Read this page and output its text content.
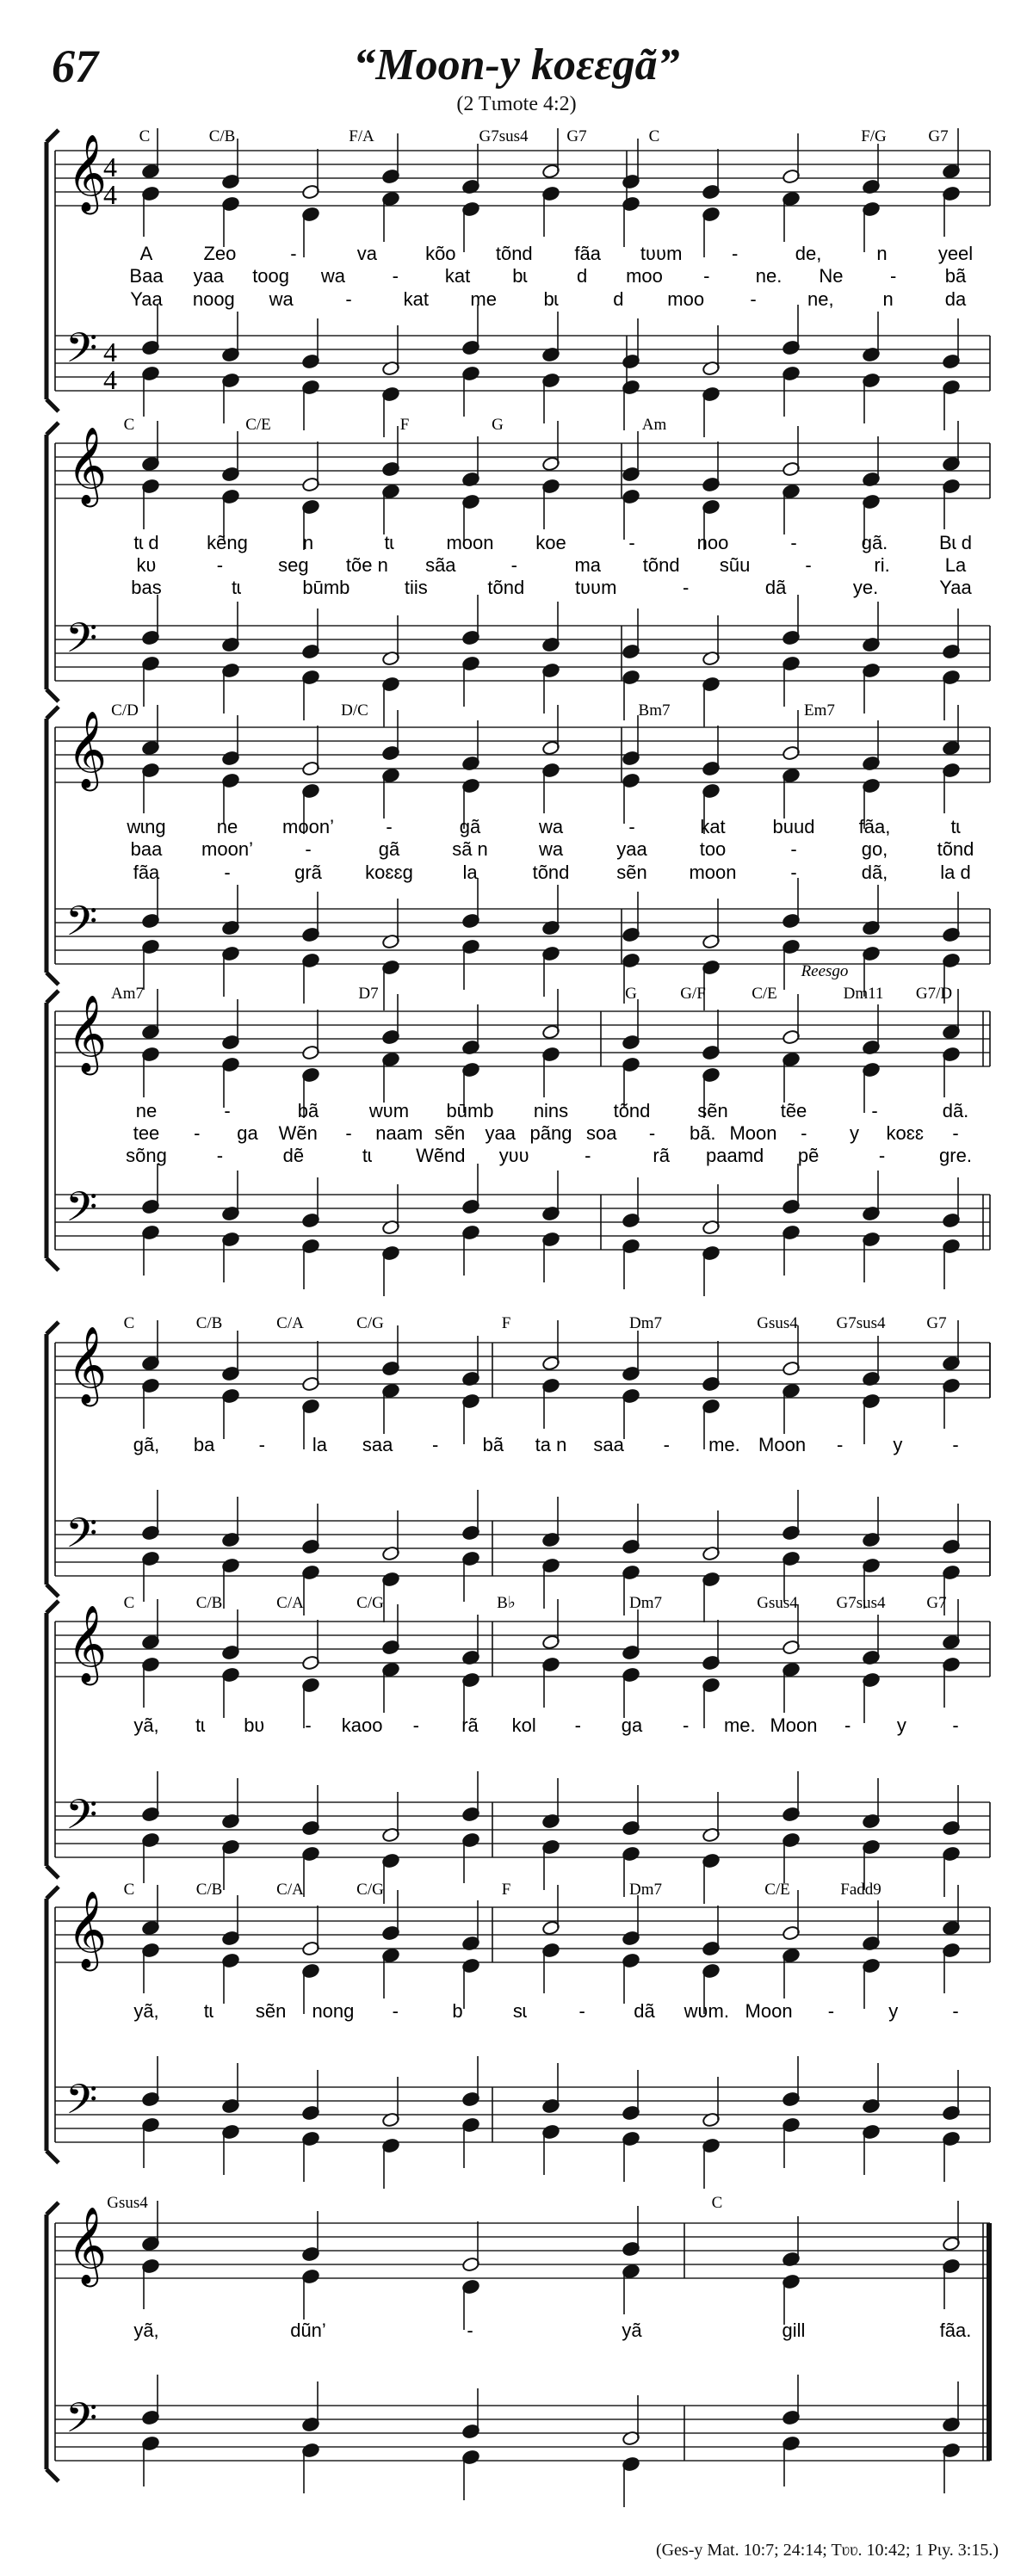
67	“Moon-y koɛɛgã”
(2 Tɩmote 4:2)
𝄞
𝄢
4
4
4
4
C	C/B	F/A	G7sus4 G7	C	F/G	G7
A	Zeo	-	va	kõo tõnd fãa tʋʋm	-	de,	n	yeel
Baa yaa toog wa - kat bɩ	d moo - ne. Ne -	bã
Yaa noog wa	-	kat me bɩ	d moo -	ne,	n	da
𝄞
𝄢
C	C/E	F	G	Am
tɩ d	kẽng	n	tɩ	moon koe	-	noo	-	gã.	Bɩ d
kʋ	-	seg tõe n sãa	-	ma tõnd sũu	-	ri.	La
bas	tɩ	būmb	tiis	tõnd	tʋʋm	-	dã	ye.	Yaa
𝄞
𝄢
C/D	D/C	Bm7	Em7
wɩng	ne moon’	-	gã	wa	-	kat buud fãa,	tɩ
baa moon’	-	gã	sã n	wa	yaa	too	-	go,	tõnd
fãa	-	grã koɛɛg	la	tõnd sẽn moon	-	dã,	la d
𝄞
𝄢
Am7	D7	G	G/F	C/E	Dm11 G7/D
Reesgo
ne	-	bã	wʋm būmb nins tõnd sẽn	tẽe	-	dã.
tee - ga Wẽn - naam sẽn yaa pãng soa - bã. Moon - y koɛɛ -
sõng	-	dẽ	tɩ Wẽnd yʋʋ	-	rã paamd pẽ	-	gre.
𝄞
𝄢
C	C/B	C/A	C/G	F	Dm7	Gsus4 G7sus4	G7
gã, ba - la saa - bã ta n saa - me. Moon -	y	-
𝄞
𝄢
C	C/B	C/A	C/G	B♭	Dm7	Gsus4 G7sus4	G7
yã, tɩ bʋ - kaoo - rã kol - ga - me. Moon - y -
𝄞
𝄢
C	C/B	C/A	C/G	F	Dm7	C/E	Fadd9
yã, tɩ sẽn nong -	b	sɩ	-	dã wʋm. Moon -	y	-
𝄞
𝄢
Gsus4	C
yã,	dũn’	-	yã	gill	fãa.
(Ges-y Mat. 10:7; 24:14; Tʋʋ. 10:42; 1 Pɩy. 3:15.)
